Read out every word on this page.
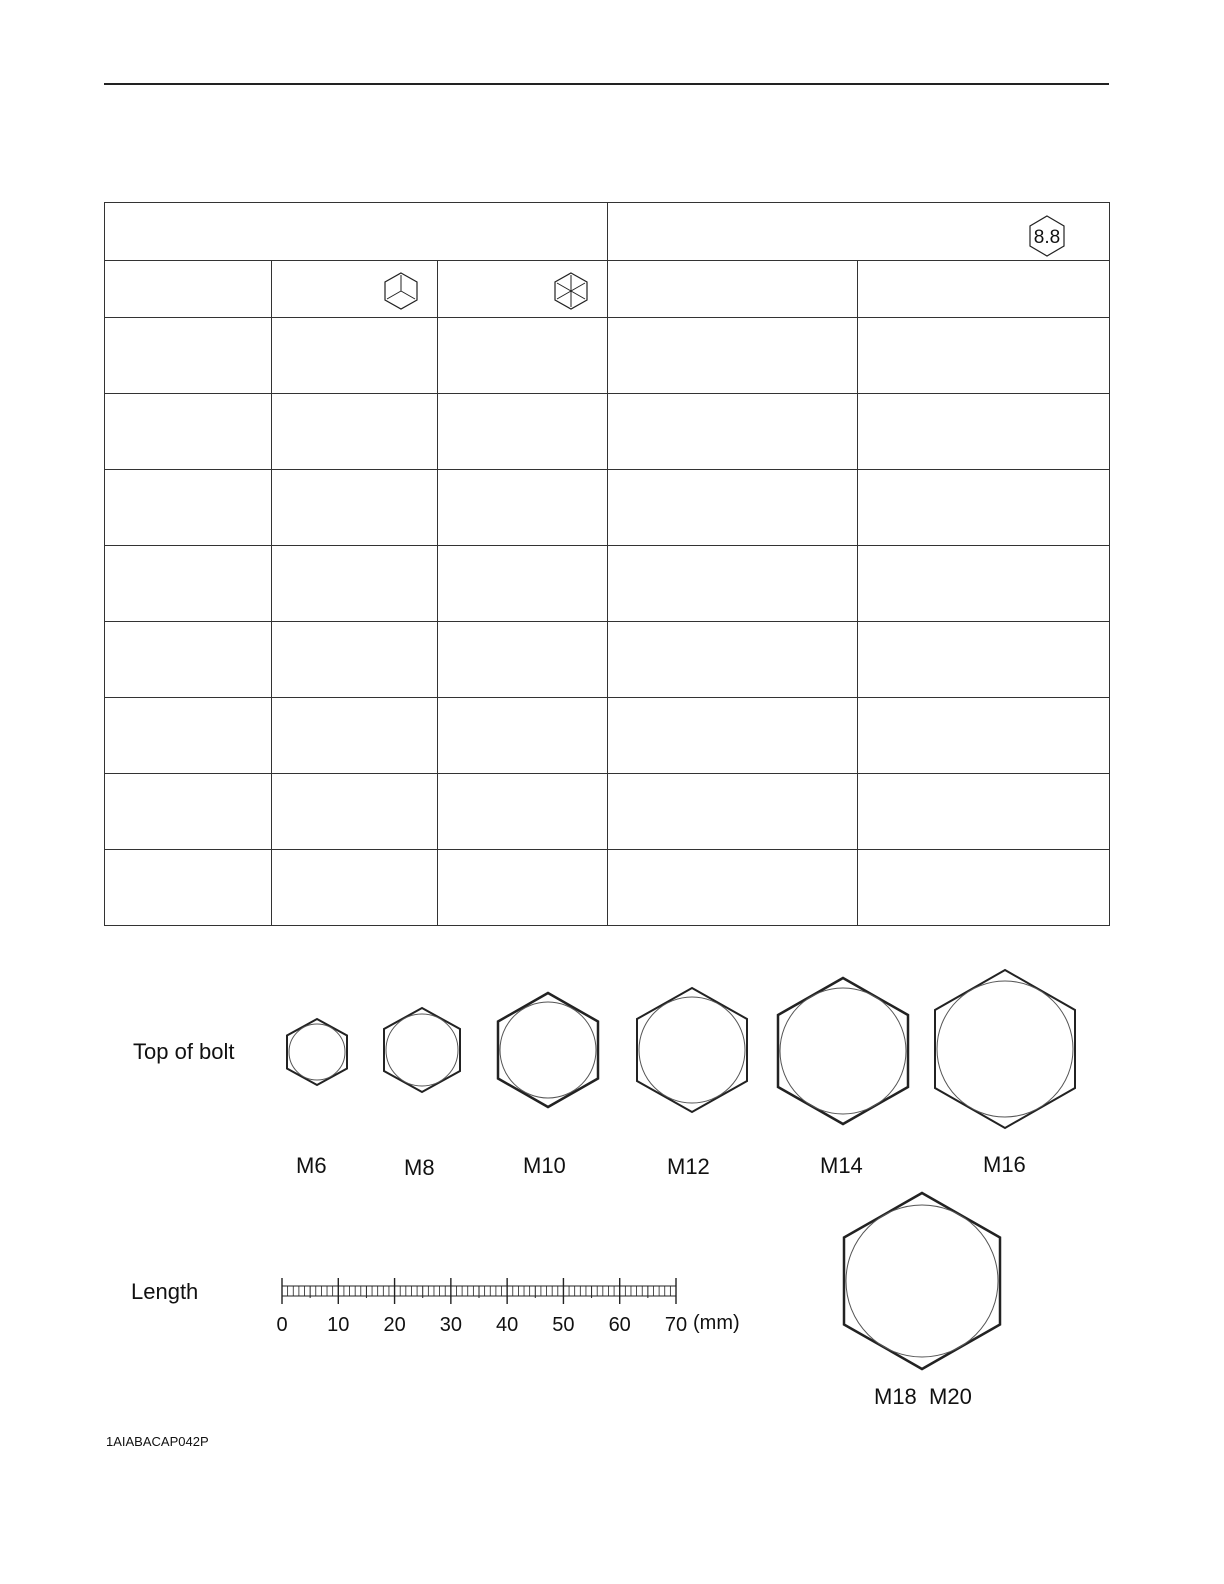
8.8	

Top of bolt
M6	M8	M10	M12	M14	M16
M18  M20
Length
0 10 20 30 40 50 60 70 (mm)
1AIABACAP042P
